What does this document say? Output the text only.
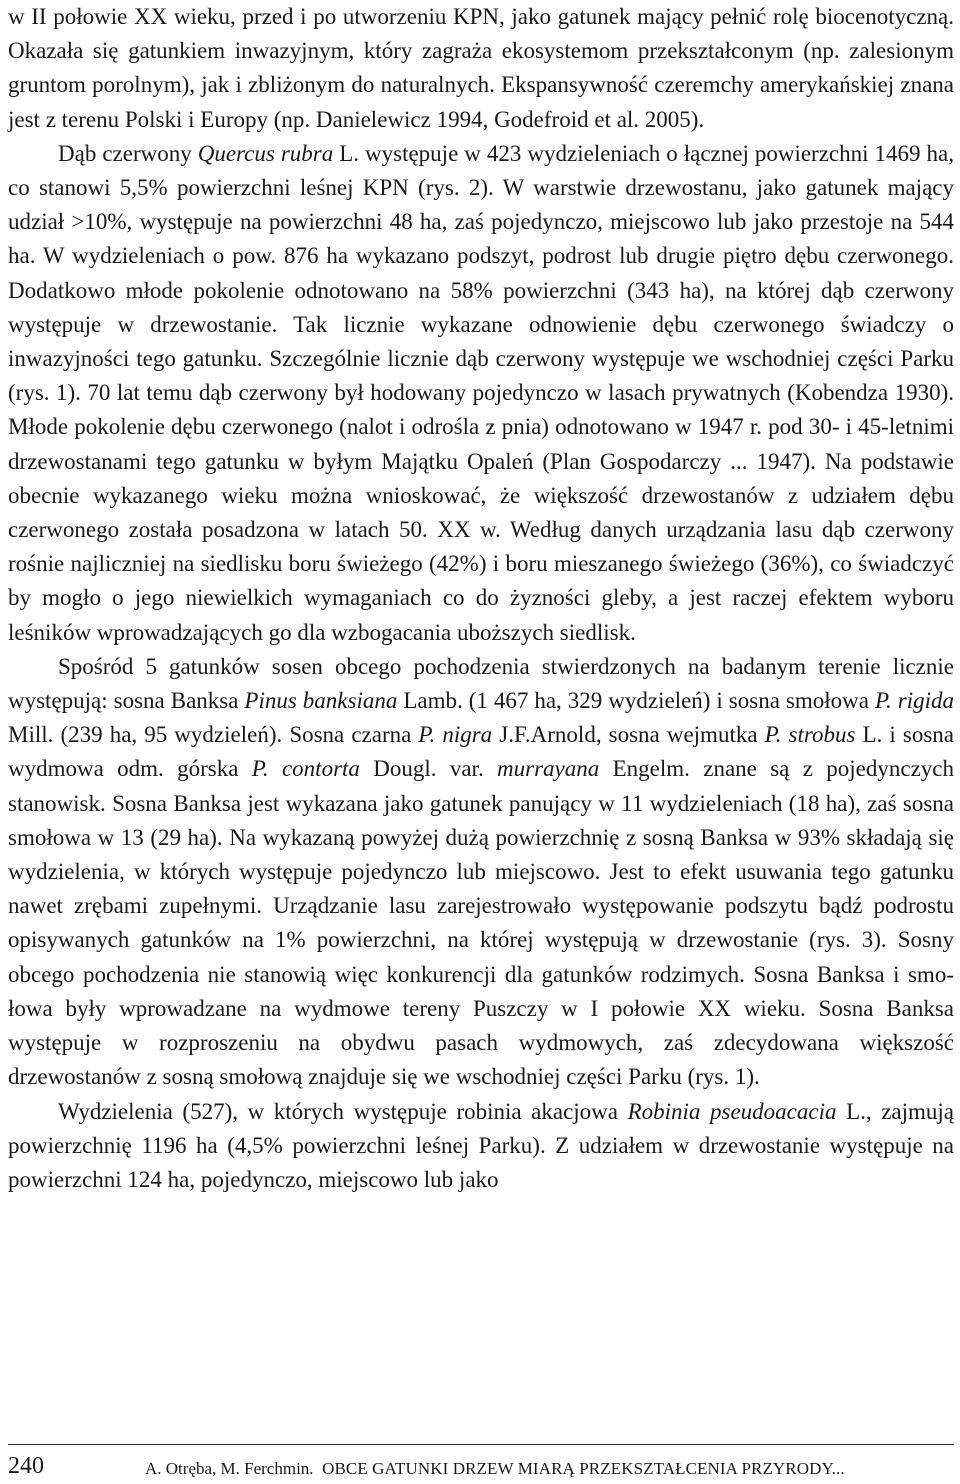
w II połowie XX wieku, przed i po utworzeniu KPN, jako gatunek mający pełnić rolę biocenotyczną. Okazała się gatunkiem inwazyjnym, który zagraża ekosystemom przekształconym (np. zalesionym gruntom porolnym), jak i zbliżonym do naturalnych. Ekspansywność czeremchy amerykańskiej znana jest z terenu Polski i Europy (np. Danielewicz 1994, Godefroid et al. 2005).

Dąb czerwony Quercus rubra L. występuje w 423 wydzieleniach o łącznej powierzchni 1469 ha, co stanowi 5,5% powierzchni leśnej KPN (rys. 2). W warstwie drzewostanu, jako gatunek mający udział >10%, występuje na powierzchni 48 ha, zaś pojedynczo, miejscowo lub jako przestoje na 544 ha. W wydzieleniach o pow. 876 ha wykazano podszyt, podrost lub drugie piętro dębu czerwonego. Dodatkowo młode pokolenie odnotowano na 58% powierzchni (343 ha), na której dąb czerwony występuje w drzewostanie. Tak licznie wykazane odnowienie dębu czerwonego świadczy o inwazyjności tego gatunku. Szczególnie licznie dąb czerwony występuje we wschodniej części Parku (rys. 1). 70 lat temu dąb czerwony był hodowany pojedynczo w lasach prywatnych (Kobendza 1930). Młode pokolenie dębu czerwonego (nalot i odrośla z pnia) odnotowano w 1947 r. pod 30- i 45-letnimi drzewostanami tego gatunku w byłym Majątku Opaleń (Plan Gospodarczy ... 1947). Na podstawie obecnie wykazanego wieku można wnioskować, że większość drzewostanów z udziałem dębu czerwonego została posadzona w latach 50. XX w. Według danych urządzania lasu dąb czerwony rośnie najliczniej na siedlisku boru świeżego (42%) i boru mieszanego świeżego (36%), co świadczyć by mogło o jego niewielkich wymaganiach co do żyzności gleby, a jest raczej efektem wyboru leśników wprowadzających go dla wzbogacania uboższych siedlisk.

Spośród 5 gatunków sosen obcego pochodzenia stwierdzonych na badanym terenie licznie występują: sosna Banksa Pinus banksiana Lamb. (1 467 ha, 329 wydzieleń) i sosna smołowa P. rigida Mill. (239 ha, 95 wydzieleń). Sosna czarna P. nigra J.F.Arnold, sosna wejmutka P. strobus L. i sosna wydmowa odm. górska P. contorta Dougl. var. murrayana Engelm. znane są z pojedynczych stanowisk. Sosna Banksa jest wykazana jako gatunek panujący w 11 wydzieleniach (18 ha), zaś sosna smołowa w 13 (29 ha). Na wykazaną powyżej dużą powierzchnię z sosną Banksa w 93% składają się wydzielenia, w których występuje pojedynczo lub miejscowo. Jest to efekt usuwania tego gatunku nawet zrębami zupełnymi. Urządzanie lasu zarejestrowało występowanie podszytu bądź podrostu opisywanych gatunków na 1% powierzchni, na której występują w drzewostanie (rys. 3). Sosny obcego pochodzenia nie stanowią więc konkurencji dla gatunków rodzimych. Sosna Banksa i smołowa były wprowadzane na wydmowe tereny Puszczy w I połowie XX wieku. Sosna Banksa występuje w rozproszeniu na obydwu pasach wydmowych, zaś zdecydowana większość drzewostanów z sosną smołową znajduje się we wschodniej części Parku (rys. 1).

Wydzielenia (527), w których występuje robinia akacjowa Robinia pseudoacacia L., zajmują powierzchnię 1196 ha (4,5% powierzchni leśnej Parku). Z udziałem w drzewostanie występuje na powierzchni 124 ha, pojedynczo, miejscowo lub jako

240	A. Otręba, M. Ferchmin. OBCE GATUNKI DRZEW MIARĄ PRZEKSZTAŁCENIA PRZYRODY...
